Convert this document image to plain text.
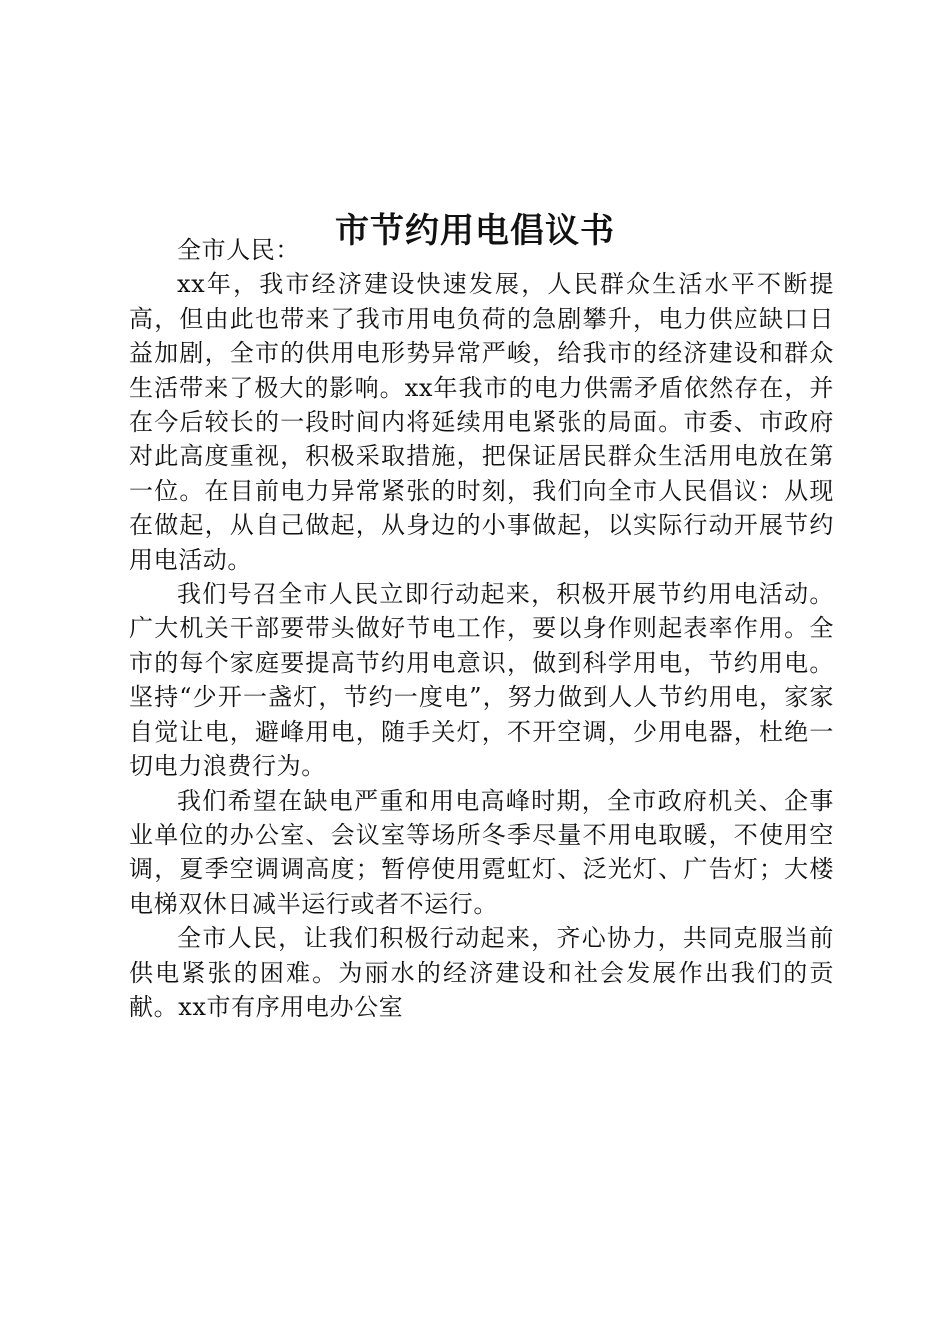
市节约用电倡议书

全市人民：

xx年，我市经济建设快速发展，人民群众生活水平不断提高，但由此也带来了我市用电负荷的急剧攀升，电力供应缺口日益加剧，全市的供用电形势异常严峻，给我市的经济建设和群众生活带来了极大的影响。xx年我市的电力供需矛盾依然存在，并在今后较长的一段时间内将延续用电紧张的局面。市委、市政府对此高度重视，积极采取措施，把保证居民群众生活用电放在第一位。在目前电力异常紧张的时刻，我们向全市人民倡议：从现在做起，从自己做起，从身边的小事做起，以实际行动开展节约用电活动。

我们号召全市人民立即行动起来，积极开展节约用电活动。广大机关干部要带头做好节电工作，要以身作则起表率作用。全市的每个家庭要提高节约用电意识，做到科学用电，节约用电。坚持“少开一盏灯，节约一度电”，努力做到人人节约用电，家家自觉让电，避峰用电，随手关灯，不开空调，少用电器，杜绝一切电力浪费行为。

我们希望在缺电严重和用电高峰时期，全市政府机关、企事业单位的办公室、会议室等场所冬季尽量不用电取暖，不使用空调，夏季空调调高度；暂停使用霓虹灯、泛光灯、广告灯；大楼电梯双休日减半运行或者不运行。

全市人民，让我们积极行动起来，齐心协力，共同克服当前供电紧张的困难。为丽水的经济建设和社会发展作出我们的贡献。xx市有序用电办公室
